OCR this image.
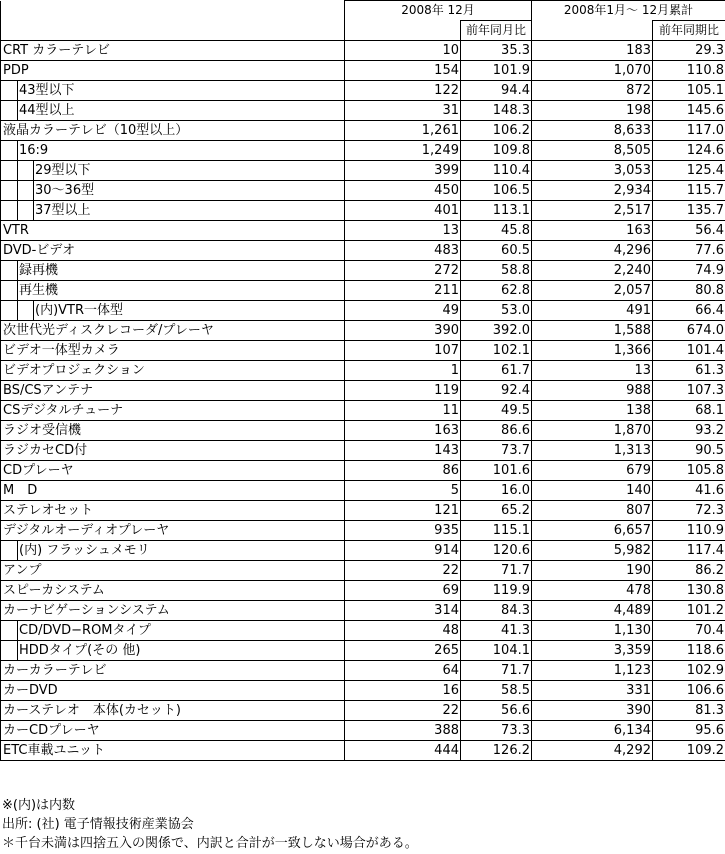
	2008年 12月		2008年1月～ 12月累計	
		前年同月比		前年同期比

CRT カラーテレビ	10	35.3	183	29.3

PDP	154	101.9	1,070	110.8

43型以下	122	94.4	872	105.1

44型以上	31	148.3	198	145.6

液晶カラーテレビ（10型以上）	1,261	106.2	8,633	117.0

16:9	1,249	109.8	8,505	124.6

29型以下	399	110.4	3,053	125.4

30～36型	450	106.5	2,934	115.7

37型以上	401	113.1	2,517	135.7

VTR	13	45.8	163	56.4

DVD-ビデオ	483	60.5	4,296	77.6

録再機	272	58.8	2,240	74.9

再生機	211	62.8	2,057	80.8

(内)VTR一体型	49	53.0	491	66.4

次世代光ディスクレコーダ/プレーヤ	390	392.0	1,588	674.0

ビデオ一体型カメラ	107	102.1	1,366	101.4

ビデオプロジェクション	1	61.7	13	61.3

BS/CSアンテナ	119	92.4	988	107.3

CSデジタルチューナ	11	49.5	138	68.1

ラジオ受信機	163	86.6	1,870	93.2

ラジカセCD付	143	73.7	1,313	90.5

CDプレーヤ	86	101.6	679	105.8

M　D	5	16.0	140	41.6

ステレオセット	121	65.2	807	72.3

デジタルオーディオプレーヤ	935	115.1	6,657	110.9

(内) フラッシュメモリ	914	120.6	5,982	117.4

アンプ	22	71.7	190	86.2

スピーカシステム	69	119.9	478	130.8

カーナビゲーションシステム	314	84.3	4,489	101.2

CD/DVD−ROMタイプ	48	41.3	1,130	70.4

HDDタイプ(その 他)	265	104.1	3,359	118.6

カーカラーテレビ	64	71.7	1,123	102.9

カーDVD	16	58.5	331	106.6

カーステレオ　本体(カセット)	22	56.6	390	81.3

カーCDプレーヤ	388	73.3	6,134	95.6

ETC車載ユニット	444	126.2	4,292	109.2
※(内)は内数
出所: (社) 電子情報技術産業協会
＊千台未満は四捨五入の関係で、内訳と合計が一致しない場合がある。
